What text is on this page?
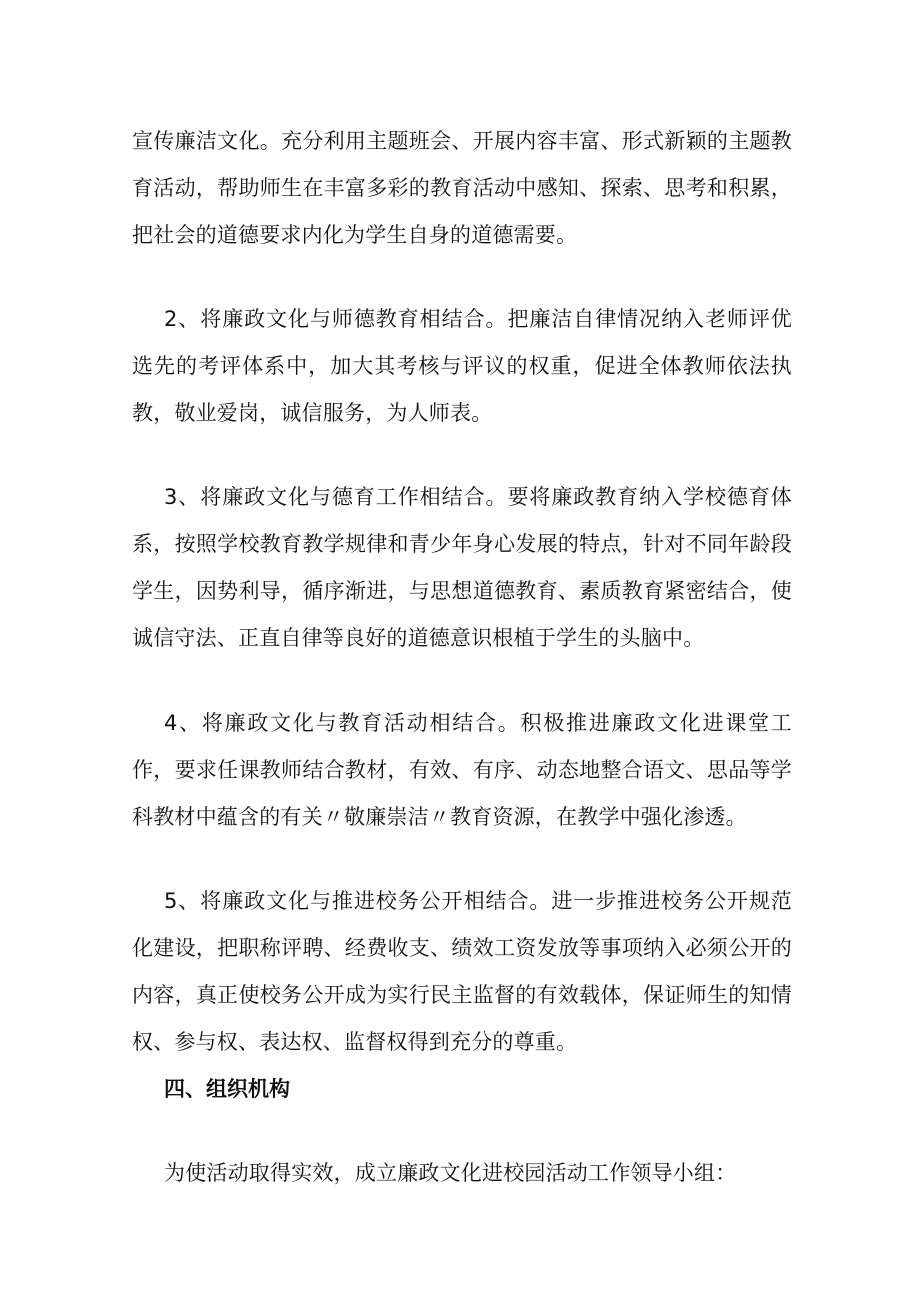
宣传廉洁文化。充分利用主题班会、开展内容丰富、形式新颖的主题教育活动，帮助师生在丰富多彩的教育活动中感知、探索、思考和积累，把社会的道德要求内化为学生自身的道德需要。

2、将廉政文化与师德教育相结合。把廉洁自律情况纳入老师评优选先的考评体系中，加大其考核与评议的权重，促进全体教师依法执教，敬业爱岗，诚信服务，为人师表。

3、将廉政文化与德育工作相结合。要将廉政教育纳入学校德育体系，按照学校教育教学规律和青少年身心发展的特点，针对不同年龄段学生，因势利导，循序渐进，与思想道德教育、素质教育紧密结合，使诚信守法、正直自律等良好的道德意识根植于学生的头脑中。

4、将廉政文化与教育活动相结合。积极推进廉政文化进课堂工作，要求任课教师结合教材，有效、有序、动态地整合语文、思品等学科教材中蕴含的有关〃敬廉崇洁〃教育资源，在教学中强化渗透。

5、将廉政文化与推进校务公开相结合。进一步推进校务公开规范化建设，把职称评聘、经费收支、绩效工资发放等事项纳入必须公开的内容，真正使校务公开成为实行民主监督的有效载体，保证师生的知情权、参与权、表达权、监督权得到充分的尊重。

四、组织机构

为使活动取得实效，成立廉政文化进校园活动工作领导小组：
